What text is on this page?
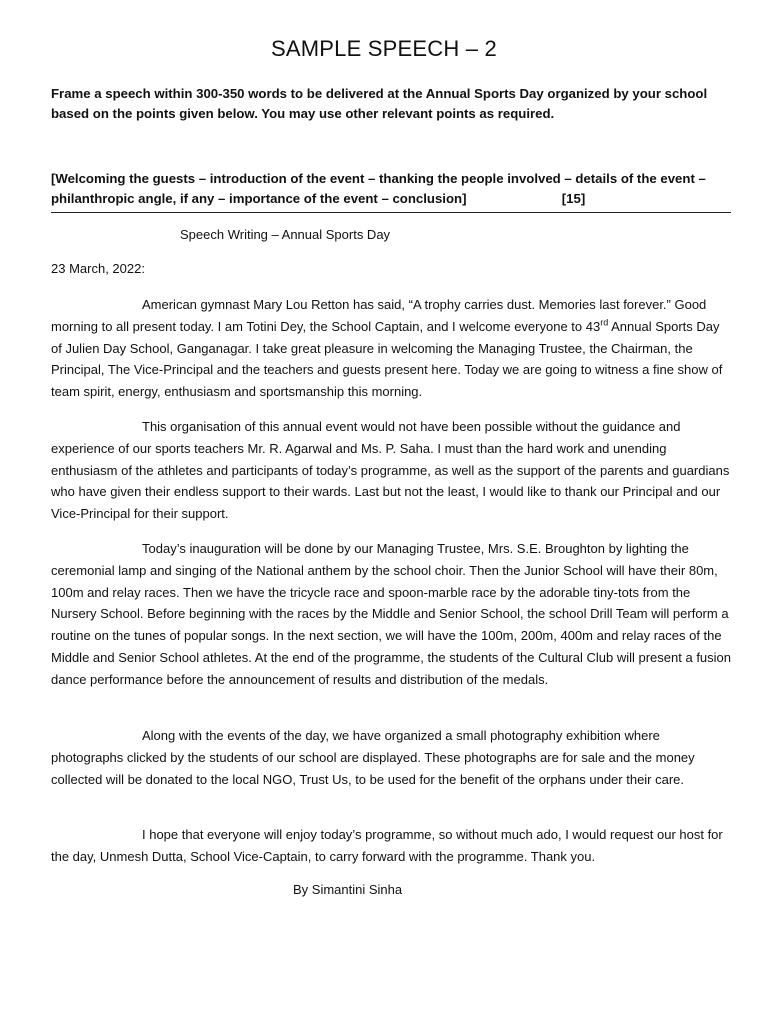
SAMPLE SPEECH – 2
Frame a speech within 300-350 words to be delivered at the Annual Sports Day organized by your school based on the points given below. You may use other relevant points as required.
[Welcoming the guests – introduction of the event – thanking the people involved – details of the event – philanthropic angle, if any – importance of the event – conclusion]	[15]
Speech Writing – Annual Sports Day
23 March, 2022:

American gymnast Mary Lou Retton has said, “A trophy carries dust. Memories last forever.” Good morning to all present today. I am Totini Dey, the School Captain, and I welcome everyone to 43rd Annual Sports Day of Julien Day School, Ganganagar. I take great pleasure in welcoming the Managing Trustee, the Chairman, the Principal, The Vice-Principal and the teachers and guests present here. Today we are going to witness a fine show of team spirit, energy, enthusiasm and sportsmanship this morning.

This organisation of this annual event would not have been possible without the guidance and experience of our sports teachers Mr. R. Agarwal and Ms. P. Saha. I must than the hard work and unending enthusiasm of the athletes and participants of today’s programme, as well as the support of the parents and guardians who have given their endless support to their wards. Last but not the least, I would like to thank our Principal and our Vice-Principal for their support.

Today’s inauguration will be done by our Managing Trustee, Mrs. S.E. Broughton by lighting the ceremonial lamp and singing of the National anthem by the school choir. Then the Junior School will have their 80m, 100m and relay races. Then we have the tricycle race and spoon-marble race by the adorable tiny-tots from the Nursery School. Before beginning with the races by the Middle and Senior School, the school Drill Team will perform a routine on the tunes of popular songs. In the next section, we will have the 100m, 200m, 400m and relay races of the Middle and Senior School athletes. At the end of the programme, the students of the Cultural Club will present a fusion dance performance before the announcement of results and distribution of the medals.

Along with the events of the day, we have organized a small photography exhibition where photographs clicked by the students of our school are displayed. These photographs are for sale and the money collected will be donated to the local NGO, Trust Us, to be used for the benefit of the orphans under their care.

I hope that everyone will enjoy today’s programme, so without much ado, I would request our host for the day, Unmesh Dutta, School Vice-Captain, to carry forward with the programme. Thank you.

By Simantini Sinha
